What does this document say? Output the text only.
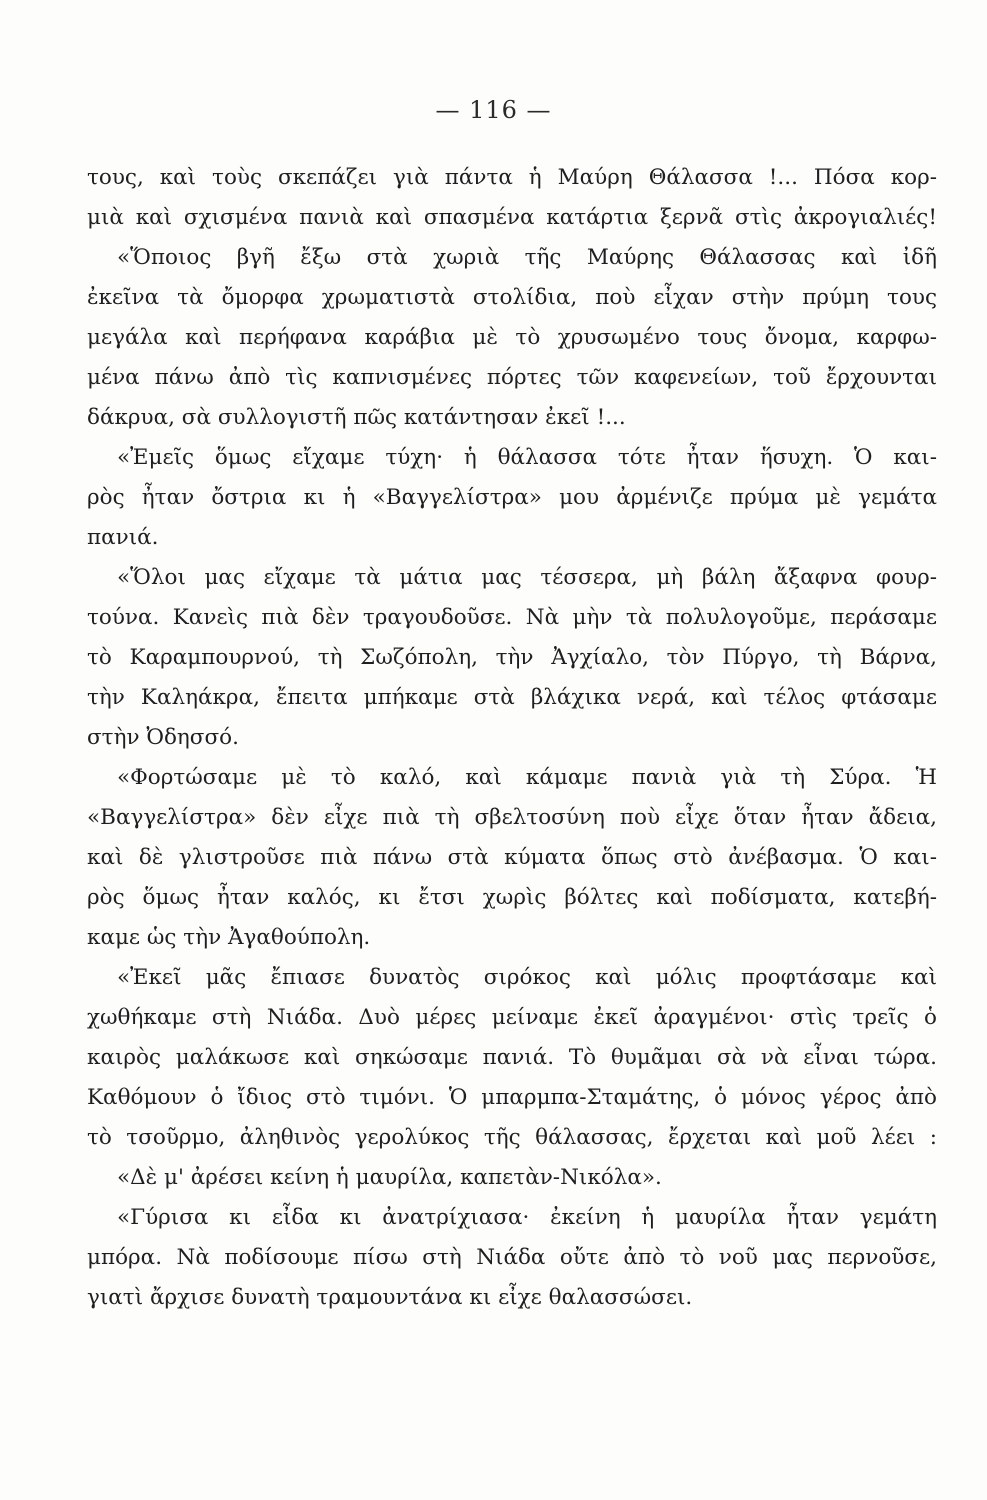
— 116 —
τους, καὶ τοὺς σκεπάζει γιὰ πάντα ἡ Μαύρη Θάλασσα !... Πόσα κορ-
μιὰ καὶ σχισμένα πανιὰ καὶ σπασμένα κατάρτια ξερνᾶ στὶς ἀκρογιαλιές!
«Ὅποιος βγῆ ἔξω στὰ χωριὰ τῆς Μαύρης Θάλασσας καὶ ἰδῆ
ἐκεῖνα τὰ ὄμορφα χρωματιστὰ στολίδια, ποὺ εἶχαν στὴν πρύμη τους
μεγάλα καὶ περήφανα καράβια μὲ τὸ χρυσωμένο τους ὄνομα, καρφω-
μένα πάνω ἀπὸ τὶς καπνισμένες πόρτες τῶν καφενείων, τοῦ ἔρχουνται
δάκρυα, σὰ συλλογιστῆ πῶς κατάντησαν ἐκεῖ !...
«Ἐμεῖς ὅμως εἴχαμε τύχη· ἡ θάλασσα τότε ἦταν ἥσυχη. Ὁ και-
ρὸς ἦταν ὄστρια κι ἡ «Βαγγελίστρα» μου ἀρμένιζε πρύμα μὲ γεμάτα
πανιά.
«Ὅλοι μας εἴχαμε τὰ μάτια μας τέσσερα, μὴ βάλη ἄξαφνα φουρ-
τούνα. Κανεὶς πιὰ δὲν τραγουδοῦσε. Νὰ μὴν τὰ πολυλογοῦμε, περάσαμε
τὸ Καραμπουρνού, τὴ Σωζόπολη, τὴν Ἀγχίαλο, τὸν Πύργο, τὴ Βάρνα,
τὴν Καληάκρα, ἔπειτα μπήκαμε στὰ βλάχικα νερά, καὶ τέλος φτάσαμε
στὴν Ὀδησσό.
«Φορτώσαμε μὲ τὸ καλό, καὶ κάμαμε πανιὰ γιὰ τὴ Σύρα. Ἡ
«Βαγγελίστρα» δὲν εἶχε πιὰ τὴ σβελτοσύνη ποὺ εἶχε ὅταν ἦταν ἄδεια,
καὶ δὲ γλιστροῦσε πιὰ πάνω στὰ κύματα ὅπως στὸ ἀνέβασμα. Ὁ και-
ρὸς ὅμως ἦταν καλός, κι ἔτσι χωρὶς βόλτες καὶ ποδίσματα, κατεβή-
καμε ὡς τὴν Ἀγαθούπολη.
«Ἐκεῖ μᾶς ἔπιασε δυνατὸς σιρόκος καὶ μόλις προφτάσαμε καὶ
χωθήκαμε στὴ Νιάδα. Δυὸ μέρες μείναμε ἐκεῖ ἀραγμένοι· στὶς τρεῖς ὁ
καιρὸς μαλάκωσε καὶ σηκώσαμε πανιά. Τὸ θυμᾶμαι σὰ νὰ εἶναι τώρα.
Καθόμουν ὁ ἴδιος στὸ τιμόνι. Ὁ μπαρμπα-Σταμάτης, ὁ μόνος γέρος ἀπὸ
τὸ τσοῦρμο, ἀληθινὸς γερολύκος τῆς θάλασσας, ἔρχεται καὶ μοῦ λέει :
«Δὲ μ' ἀρέσει κείνη ἡ μαυρίλα, καπετὰν-Νικόλα».
«Γύρισα κι εἶδα κι ἀνατρίχιασα· ἐκείνη ἡ μαυρίλα ἦταν γεμάτη
μπόρα. Νὰ ποδίσουμε πίσω στὴ Νιάδα οὔτε ἀπὸ τὸ νοῦ μας περνοῦσε,
γιατὶ ἄρχισε δυνατὴ τραμουντάνα κι εἶχε θαλασσώσει.
